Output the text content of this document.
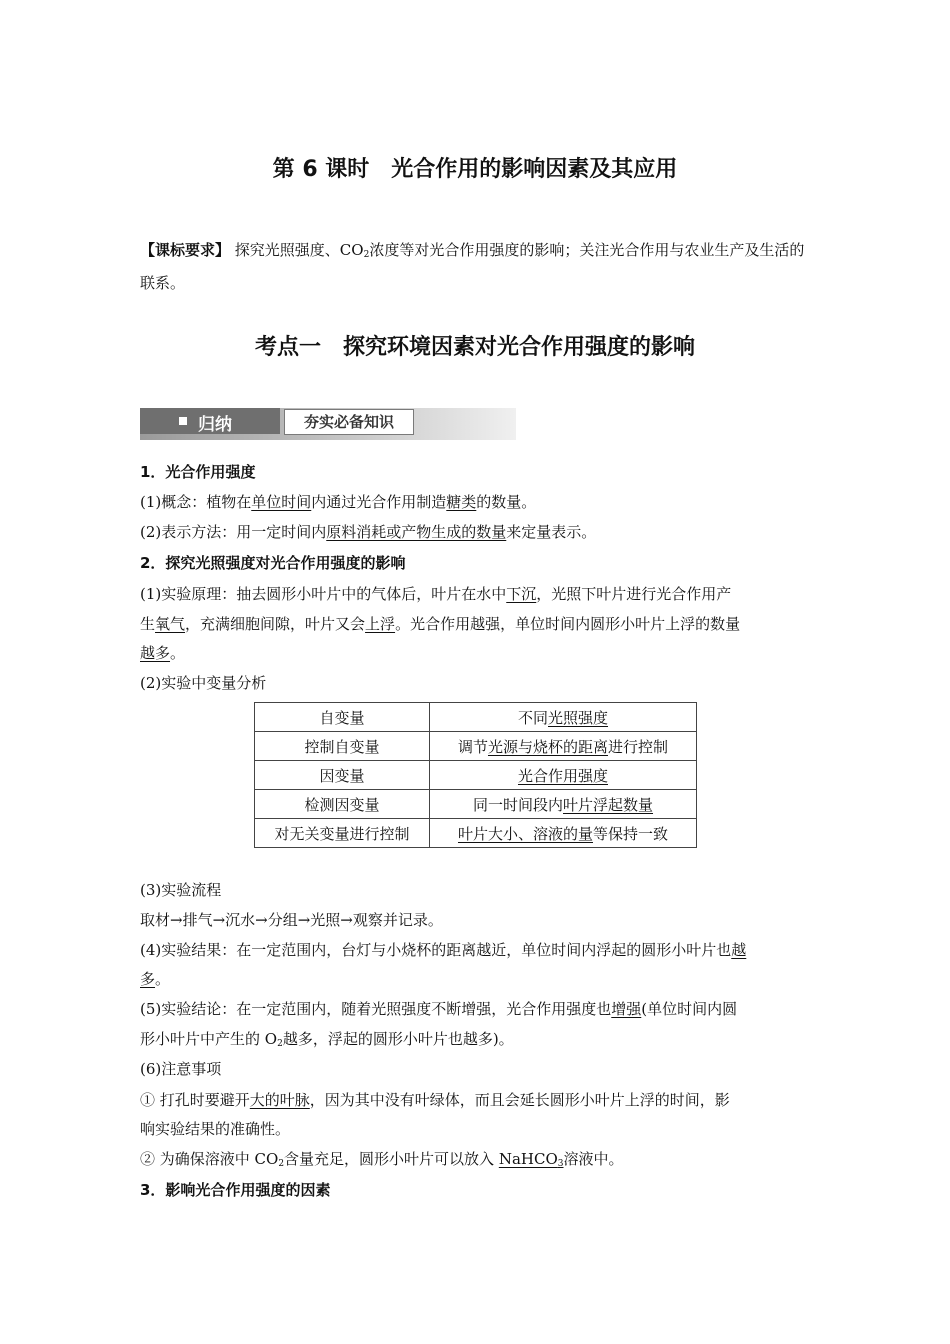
第 6 课时　光合作用的影响因素及其应用
【课标要求】 探究光照强度、$CO_2$浓度等对光合作用强度的影响；关注光合作用与农业生产及生活的联系。
考点一　探究环境因素对光合作用强度的影响
归纳	夯实必备知识
1．光合作用强度
(1)概念：植物在单位时间内通过光合作用制造糖类的数量。
(2)表示方法：用一定时间内原料消耗或产物生成的数量来定量表示。
2．探究光照强度对光合作用强度的影响
(1)实验原理：抽去圆形小叶片中的气体后，叶片在水中下沉，光照下叶片进行光合作用产
生氧气，充满细胞间隙，叶片又会上浮。光合作用越强，单位时间内圆形小叶片上浮的数量
越多。
(2)实验中变量分析
自变量	不同光照强度
控制自变量	调节光源与烧杯的距离进行控制
因变量	光合作用强度
检测因变量	同一时间段内叶片浮起数量
对无关变量进行控制	叶片大小、溶液的量等保持一致
(3)实验流程
取材→排气→沉水→分组→光照→观察并记录。
(4)实验结果：在一定范围内，台灯与小烧杯的距离越近，单位时间内浮起的圆形小叶片也越
多。
(5)实验结论：在一定范围内，随着光照强度不断增强，光合作用强度也增强(单位时间内圆
形小叶片中产生的 $O_2$越多，浮起的圆形小叶片也越多)。
(6)注意事项
① 打孔时要避开大的叶脉，因为其中没有叶绿体，而且会延长圆形小叶片上浮的时间，影
响实验结果的准确性。
② 为确保溶液中 $CO_2$含量充足，圆形小叶片可以放入 NaHCO$_3$溶液中。
3．影响光合作用强度的因素
